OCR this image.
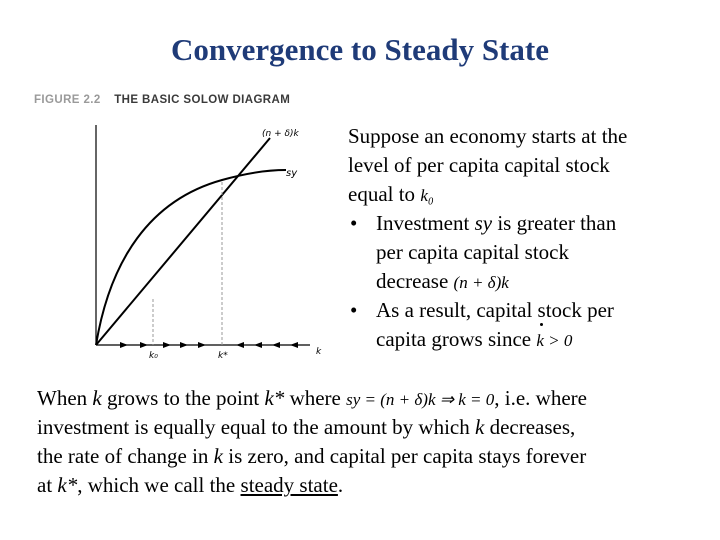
Convergence to Steady State
FIGURE 2.2 THE BASIC SOLOW DIAGRAM
(n + δ)k
sy
k₀	k*	k
Suppose an economy starts at the
level of per capita capital stock
equal to k₀
• Investment sy is greater than
per capita capital stock
decrease (n + δ)k
• As a result, capital stock per
capita grows since k > 0
When k grows to the point k* where sy = (n + δ)k ⇒ k = 0, i.e. where
investment is equally equal to the amount by which k decreases,
the rate of change in k is zero, and capital per capita stays forever
at k*, which we call the steady state.
